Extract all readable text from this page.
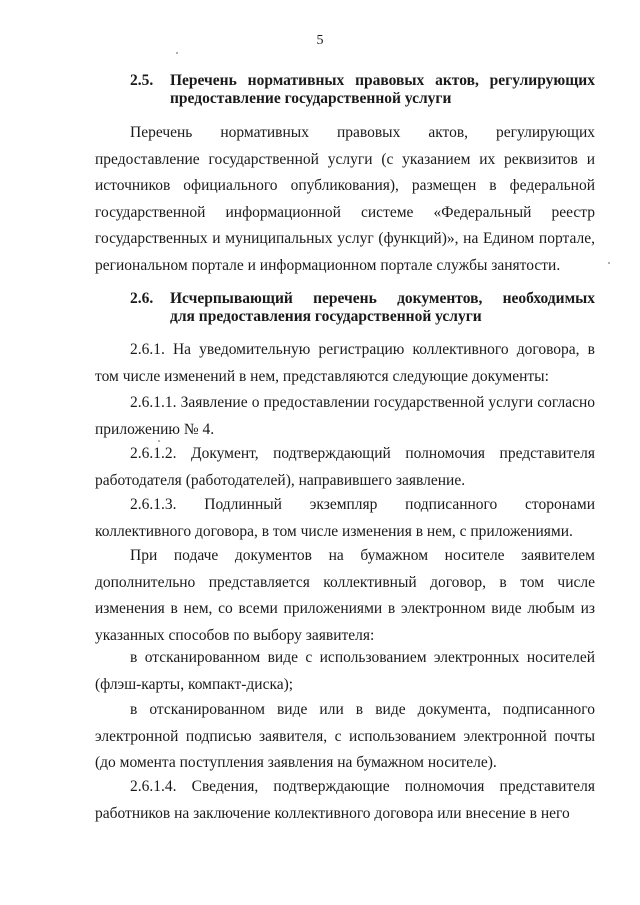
5
2.5. Перечень нормативных правовых актов, регулирующих
предоставление государственной услуги
Перечень нормативных правовых актов, регулирующих предоставление государственной услуги (с указанием их реквизитов и источников официального опубликования), размещен в федеральной государственной информационной системе «Федеральный реестр государственных и муниципальных услуг (функций)», на Едином портале, региональном портале и информационном портале службы занятости.
2.6. Исчерпывающий перечень документов, необходимых
для предоставления государственной услуги
2.6.1. На уведомительную регистрацию коллективного договора, в том числе изменений в нем, представляются следующие документы:
2.6.1.1. Заявление о предоставлении государственной услуги согласно приложению № 4.
2.6.1.2. Документ, подтверждающий полномочия представителя работодателя (работодателей), направившего заявление.
2.6.1.3. Подлинный экземпляр подписанного сторонами коллективного договора, в том числе изменения в нем, с приложениями.
При подаче документов на бумажном носителе заявителем дополнительно представляется коллективный договор, в том числе изменения в нем, со всеми приложениями в электронном виде любым из указанных способов по выбору заявителя:
в отсканированном виде с использованием электронных носителей (флэш-карты, компакт-диска);
в отсканированном виде или в виде документа, подписанного электронной подписью заявителя, с использованием электронной почты (до момента поступления заявления на бумажном носителе).
2.6.1.4. Сведения, подтверждающие полномочия представителя работников на заключение коллективного договора или внесение в него
